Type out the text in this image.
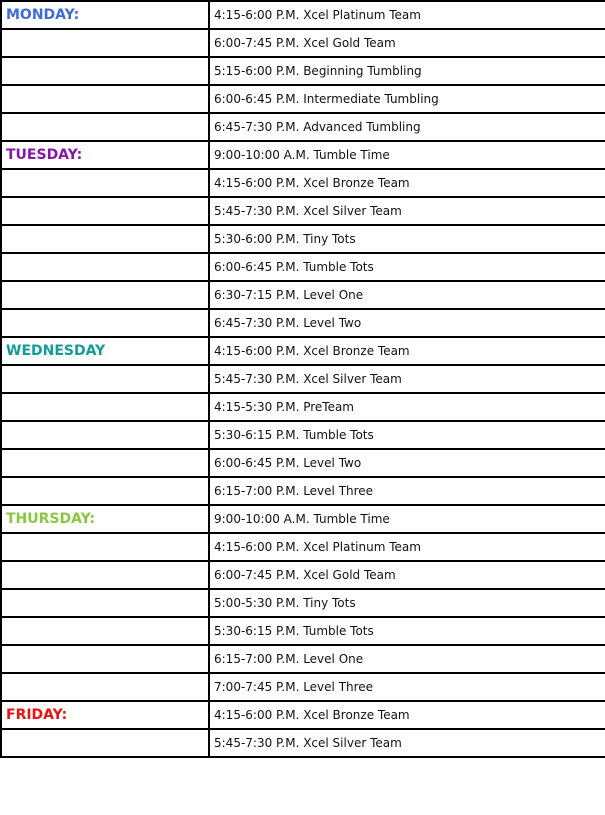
MONDAY:	4:15-6:00 P.M. Xcel Platinum Team
	6:00-7:45 P.M. Xcel Gold Team
	5:15-6:00 P.M. Beginning Tumbling
	6:00-6:45 P.M. Intermediate Tumbling
	6:45-7:30 P.M. Advanced Tumbling
TUESDAY:	9:00-10:00 A.M. Tumble Time
	4:15-6:00 P.M. Xcel Bronze Team
	5:45-7:30 P.M. Xcel Silver Team
	5:30-6:00 P.M. Tiny Tots
	6:00-6:45 P.M. Tumble Tots
	6:30-7:15 P.M. Level One
	6:45-7:30 P.M. Level Two
WEDNESDAY	4:15-6:00 P.M. Xcel Bronze Team
	5:45-7:30 P.M. Xcel Silver Team
	4:15-5:30 P.M. PreTeam
	5:30-6:15 P.M. Tumble Tots
	6:00-6:45 P.M. Level Two
	6:15-7:00 P.M. Level Three
THURSDAY:	9:00-10:00 A.M. Tumble Time
	4:15-6:00 P.M. Xcel Platinum Team
	6:00-7:45 P.M. Xcel Gold Team
	5:00-5:30 P.M. Tiny Tots
	5:30-6:15 P.M. Tumble Tots
	6:15-7:00 P.M. Level One
	7:00-7:45 P.M. Level Three
FRIDAY:	4:15-6:00 P.M. Xcel Bronze Team
	5:45-7:30 P.M. Xcel Silver Team
